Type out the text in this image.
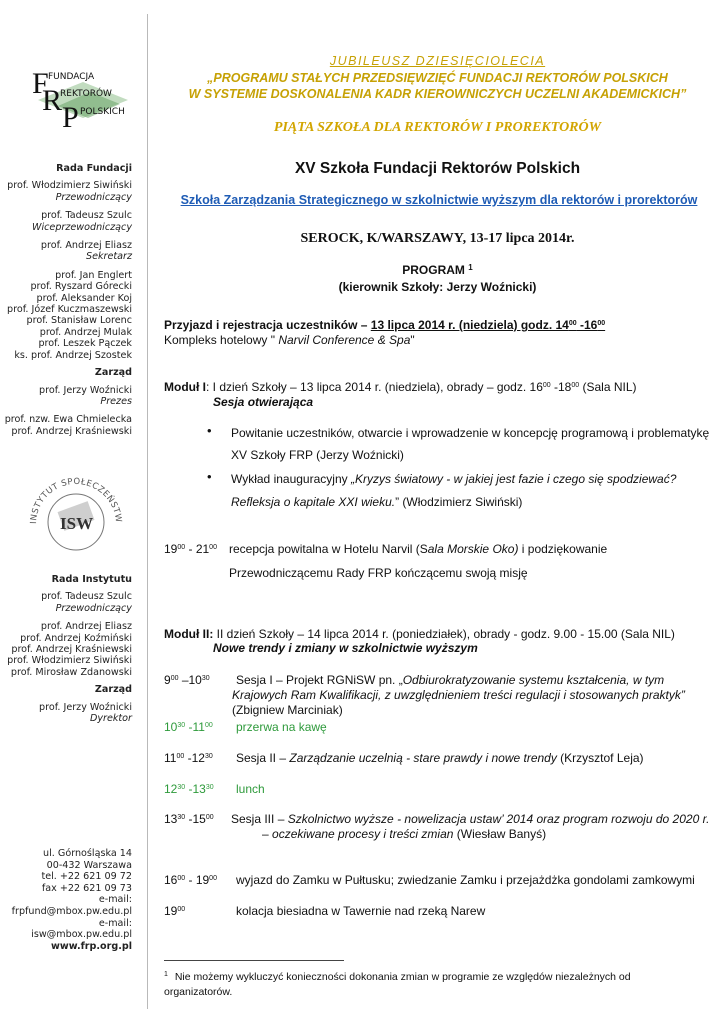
F
R
P
FUNDACJA
REKTORÓW
POLSKICH
Rada Fundacji
prof. Włodzimierz Siwiński
Przewodniczący
prof. Tadeusz Szulc
Wiceprzewodniczący
prof. Andrzej Eliasz
Sekretarz
prof. Jan Englert
prof. Ryszard Górecki
prof. Aleksander Koj
prof. Józef Kuczmaszewski
prof. Stanisław Lorenc
prof. Andrzej Mulak
prof. Leszek Pączek
ks. prof. Andrzej Szostek
Zarząd
prof. Jerzy Woźnicki
Prezes
prof. nzw. Ewa Chmielecka
prof. Andrzej Kraśniewski
INSTYTUT SPOŁECZEŃSTW
ISW
Rada Instytutu
prof. Tadeusz Szulc
Przewodniczący
prof. Andrzej Eliasz
prof. Andrzej Koźmiński
prof. Andrzej Kraśniewski
prof. Włodzimierz Siwiński
prof. Mirosław Zdanowski
Zarząd
prof. Jerzy Woźnicki
Dyrektor
ul. Górnośląska 14
00-432 Warszawa
tel. +22 621 09 72
fax +22 621 09 73
e-mail: frpfund@mbox.pw.edu.pl
e-mail: isw@mbox.pw.edu.pl
www.frp.org.pl
JUBILEUSZ DZIESIĘCIOLECIA
„PROGRAMU STAŁYCH PRZEDSIĘWZIĘĆ FUNDACJI REKTORÓW POLSKICH
W SYSTEMIE DOSKONALENIA KADR KIEROWNICZYCH UCZELNI AKADEMICKICH”
PIĄTA SZKOŁA DLA REKTORÓW I PROREKTORÓW
XV Szkoła Fundacji Rektorów Polskich
Szkoła Zarządzania Strategicznego w szkolnictwie wyższym dla rektorów i prorektorów
SEROCK, K/WARSZAWY, 13-17 lipca 2014r.
PROGRAM $^1$
(kierownik Szkoły: Jerzy Woźnicki)
Przyjazd i rejestracja uczestników – 13 lipca 2014 r. (niedziela) godz. $14^{00}$ $-16^{00}$
Kompleks hotelowy " Narvil Conference & Spa"
Moduł I: I dzień Szkoły – 13 lipca 2014 r. (niedziela), obrady – godz. $16^{00}$ $-18^{00}$ (Sala NIL)
Sesja otwierająca
• Powitanie uczestników, otwarcie i wprowadzenie w koncepcję programową i problematykę
XV Szkoły FRP (Jerzy Woźnicki)
• Wykład inauguracyjny „Kryzys światowy - w jakiej jest fazie i czego się spodziewać?
Refleksja o kapitale XXI wieku.” (Włodzimierz Siwiński)
$19^{00} - 21^{00}$ recepcja powitalna w Hotelu Narvil (Sala Morskie Oko) i podziękowanie
Przewodniczącemu Rady FRP kończącemu swoją misję
Moduł II: II dzień Szkoły – 14 lipca 2014 r. (poniedziałek), obrady - godz. 9.00 - 15.00 (Sala NIL)
Nowe trendy i zmiany w szkolnictwie wyższym
$9^{00}$ $-10^{30}$ Sesja I – Projekt RGNiSW pn. „Odbiurokratyzowanie systemu kształcenia, w tym
Krajowych Ram Kwalifikacji, z uwzględnieniem treści regulacji i stosowanych praktyk”
(Zbigniew Marciniak)
$10^{30}$ $-11^{00}$ przerwa na kawę
$11^{00}$ $-12^{30}$ Sesja II – Zarządzanie uczelnią - stare prawdy i nowe trendy (Krzysztof Leja)
$12^{30}$ $-13^{30}$ lunch
$13^{30}$ $-15^{00}$ Sesja III – Szkolnictwo wyższe - nowelizacja ustaw’ 2014 oraz program rozwoju do 2020 r.
– oczekiwane procesy i treści zmian (Wiesław Banyś)
$16^{00} - 19^{00}$ wyjazd do Zamku w Pułtusku; zwiedzanie Zamku i przejażdżka gondolami zamkowymi
$19^{00}$	kolacja biesiadna w Tawernie nad rzeką Narew
$^1$ Nie możemy wykluczyć konieczności dokonania zmian w programie ze względów niezależnych od
organizatorów.
